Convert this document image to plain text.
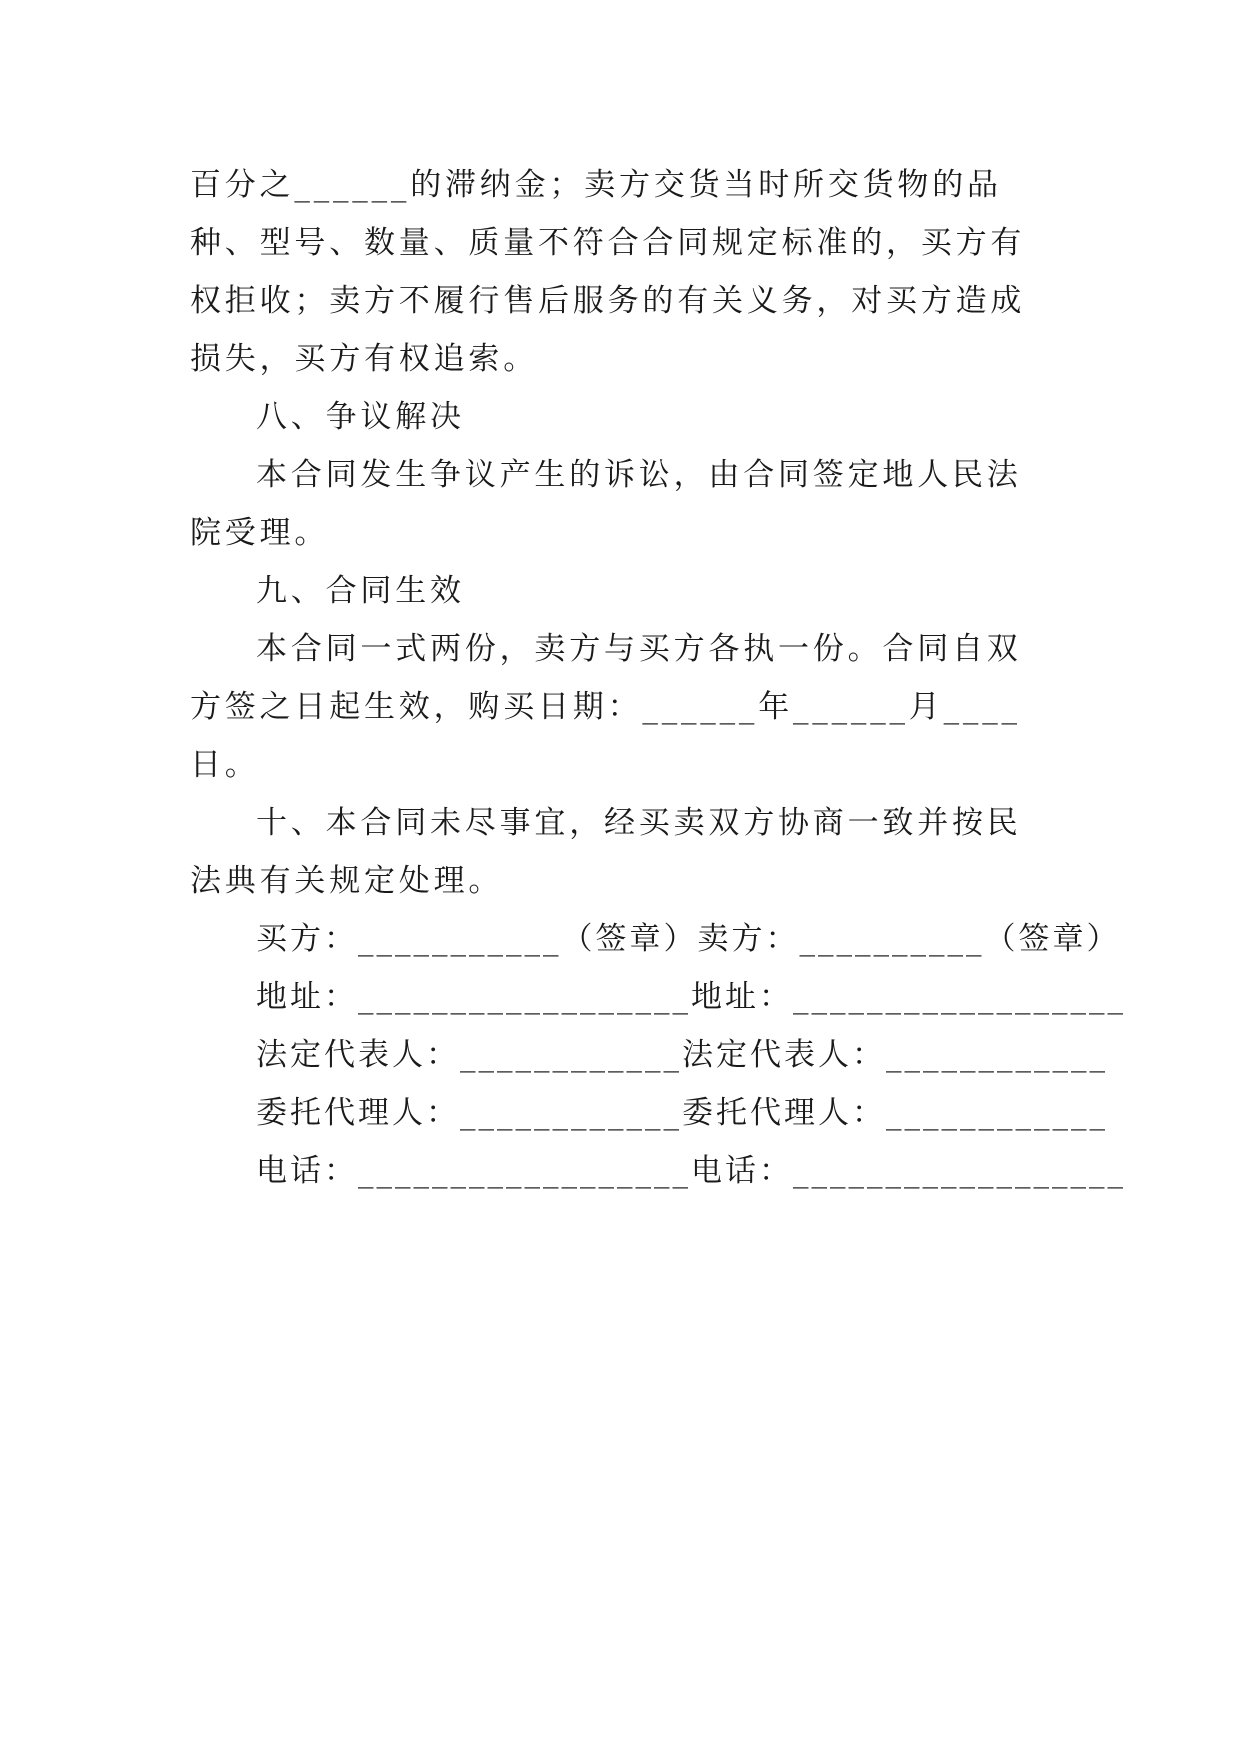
百分之______的滞纳金；卖方交货当时所交货物的品种、型号、数量、质量不符合合同规定标准的，买方有权拒收；卖方不履行售后服务的有关义务，对买方造成损失，买方有权追索。

八、争议解决

本合同发生争议产生的诉讼，由合同签定地人民法院受理。

九、合同生效

本合同一式两份，卖方与买方各执一份。合同自双方签之日起生效，购买日期：______年______月____日。

十、本合同未尽事宜，经买卖双方协商一致并按民法典有关规定处理。

买方：___________（签章）卖方：__________（签章）

地址：__________________地址：__________________

法定代表人：____________法定代表人：____________

委托代理人：____________委托代理人：____________

电话：__________________电话：__________________
